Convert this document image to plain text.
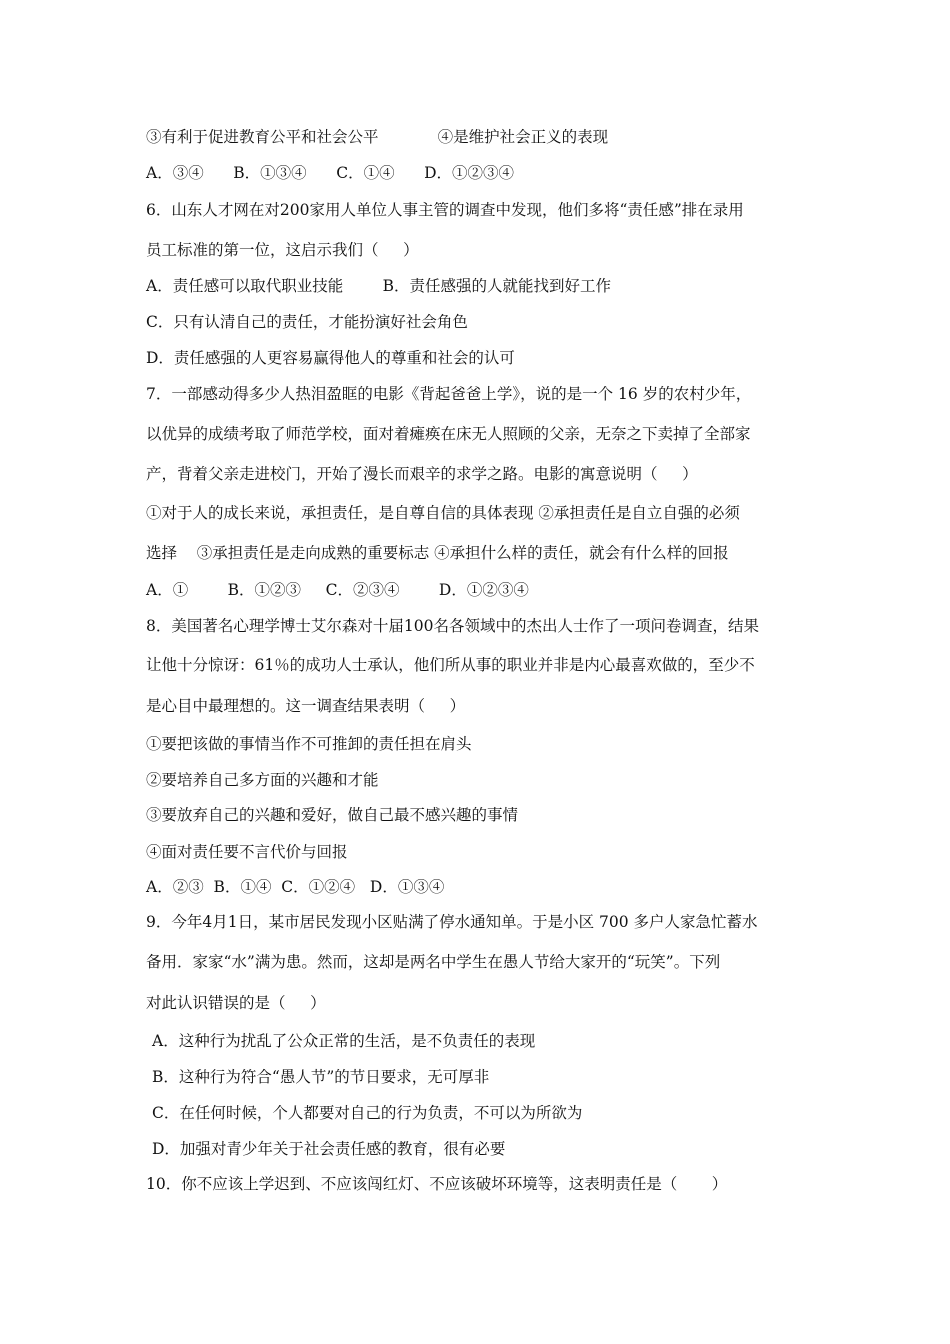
③有利于促进教育公平和社会公平            ④是维护社会正义的表现
A．③④      B．①③④      C．①④      D．①②③④
6．山东人才网在对200家用人单位人事主管的调查中发现，他们多将“责任感”排在录用
员工标准的第一位，这启示我们（     ）
A．责任感可以取代职业技能        B．责任感强的人就能找到好工作
C．只有认清自己的责任，才能扮演好社会角色
D．责任感强的人更容易赢得他人的尊重和社会的认可
7．一部感动得多少人热泪盈眶的电影《背起爸爸上学》，说的是一个 16 岁的农村少年，
以优异的成绩考取了师范学校，面对着瘫痪在床无人照顾的父亲，无奈之下卖掉了全部家
产，背着父亲走进校门，开始了漫长而艰辛的求学之路。电影的寓意说明（     ）
①对于人的成长来说，承担责任，是自尊自信的具体表现 ②承担责任是自立自强的必须
选择    ③承担责任是走向成熟的重要标志 ④承担什么样的责任，就会有什么样的回报
A．①        B．①②③     C．②③④        D．①②③④
8．美国著名心理学博士艾尔森对十届100名各领域中的杰出人士作了一项问卷调查，结果
让他十分惊讶：61％的成功人士承认，他们所从事的职业并非是内心最喜欢做的，至少不
是心目中最理想的。这一调查结果表明（     ）
①要把该做的事情当作不可推卸的责任担在肩头
②要培养自己多方面的兴趣和才能
③要放弃自己的兴趣和爱好，做自己最不感兴趣的事情
④面对责任要不言代价与回报
A．②③  B．①④  C．①②④   D．①③④
9．今年4月1日，某市居民发现小区贴满了停水通知单。于是小区 700 多户人家急忙蓄水
备用．家家“水”满为患。然而，这却是两名中学生在愚人节给大家开的“玩笑”。下列
对此认识错误的是（     ）
A．这种行为扰乱了公众正常的生活，是不负责任的表现
B．这种行为符合“愚人节”的节日要求，无可厚非
C．在任何时候，个人都要对自己的行为负责，不可以为所欲为
D．加强对青少年关于社会责任感的教育，很有必要
10．你不应该上学迟到、不应该闯红灯、不应该破坏环境等，这表明责任是（       ）
